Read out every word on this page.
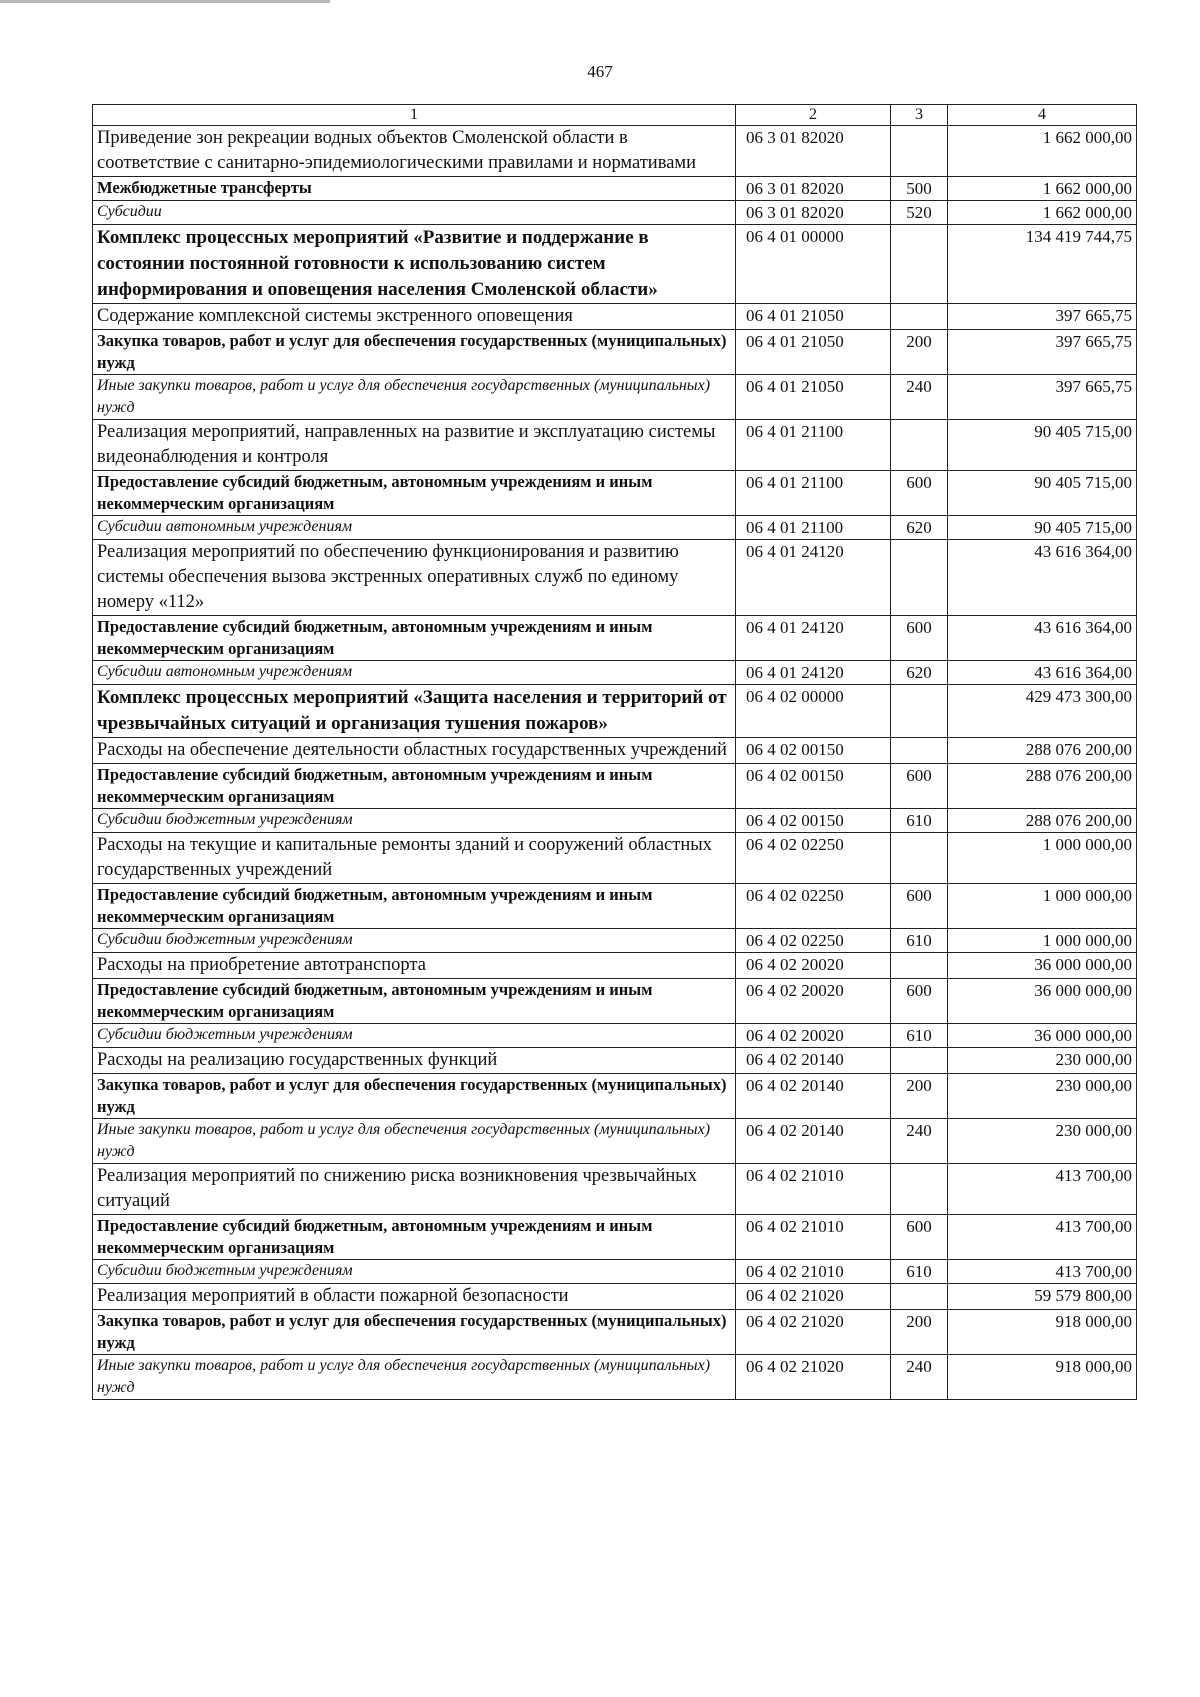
467
1	2	3	4
Приведение зон рекреации водных объектов Смоленской области в соответствие с санитарно-эпидемиологическими правилами и нормативами	06 3 01 82020		1 662 000,00
Межбюджетные трансферты	06 3 01 82020	500	1 662 000,00
Субсидии	06 3 01 82020	520	1 662 000,00
Комплекс процессных мероприятий «Развитие и поддержание в состоянии постоянной готовности к использованию систем информирования и оповещения населения Смоленской области»	06 4 01 00000		134 419 744,75
Содержание комплексной системы экстренного оповещения	06 4 01 21050		397 665,75
Закупка товаров, работ и услуг для обеспечения государственных (муниципальных) нужд	06 4 01 21050	200	397 665,75
Иные закупки товаров, работ и услуг для обеспечения государственных (муниципальных) нужд	06 4 01 21050	240	397 665,75
Реализация мероприятий, направленных на развитие и эксплуатацию системы видеонаблюдения и контроля	06 4 01 21100		90 405 715,00
Предоставление субсидий бюджетным, автономным учреждениям и иным некоммерческим организациям	06 4 01 21100	600	90 405 715,00
Субсидии автономным учреждениям	06 4 01 21100	620	90 405 715,00
Реализация мероприятий по обеспечению функционирования и развитию системы обеспечения вызова экстренных оперативных служб по единому номеру «112»	06 4 01 24120		43 616 364,00
Предоставление субсидий бюджетным, автономным учреждениям и иным некоммерческим организациям	06 4 01 24120	600	43 616 364,00
Субсидии автономным учреждениям	06 4 01 24120	620	43 616 364,00
Комплекс процессных мероприятий «Защита населения и территорий от чрезвычайных ситуаций и организация тушения пожаров»	06 4 02 00000		429 473 300,00
Расходы на обеспечение деятельности областных государственных учреждений	06 4 02 00150		288 076 200,00
Предоставление субсидий бюджетным, автономным учреждениям и иным некоммерческим организациям	06 4 02 00150	600	288 076 200,00
Субсидии бюджетным учреждениям	06 4 02 00150	610	288 076 200,00
Расходы на текущие и капитальные ремонты зданий и сооружений областных государственных учреждений	06 4 02 02250		1 000 000,00
Предоставление субсидий бюджетным, автономным учреждениям и иным некоммерческим организациям	06 4 02 02250	600	1 000 000,00
Субсидии бюджетным учреждениям	06 4 02 02250	610	1 000 000,00
Расходы на приобретение автотранспорта	06 4 02 20020		36 000 000,00
Предоставление субсидий бюджетным, автономным учреждениям и иным некоммерческим организациям	06 4 02 20020	600	36 000 000,00
Субсидии бюджетным учреждениям	06 4 02 20020	610	36 000 000,00
Расходы на реализацию государственных функций	06 4 02 20140		230 000,00
Закупка товаров, работ и услуг для обеспечения государственных (муниципальных) нужд	06 4 02 20140	200	230 000,00
Иные закупки товаров, работ и услуг для обеспечения государственных (муниципальных) нужд	06 4 02 20140	240	230 000,00
Реализация мероприятий по снижению риска возникновения чрезвычайных ситуаций	06 4 02 21010		413 700,00
Предоставление субсидий бюджетным, автономным учреждениям и иным некоммерческим организациям	06 4 02 21010	600	413 700,00
Субсидии бюджетным учреждениям	06 4 02 21010	610	413 700,00
Реализация мероприятий в области пожарной безопасности	06 4 02 21020		59 579 800,00
Закупка товаров, работ и услуг для обеспечения государственных (муниципальных) нужд	06 4 02 21020	200	918 000,00
Иные закупки товаров, работ и услуг для обеспечения государственных (муниципальных) нужд	06 4 02 21020	240	918 000,00
